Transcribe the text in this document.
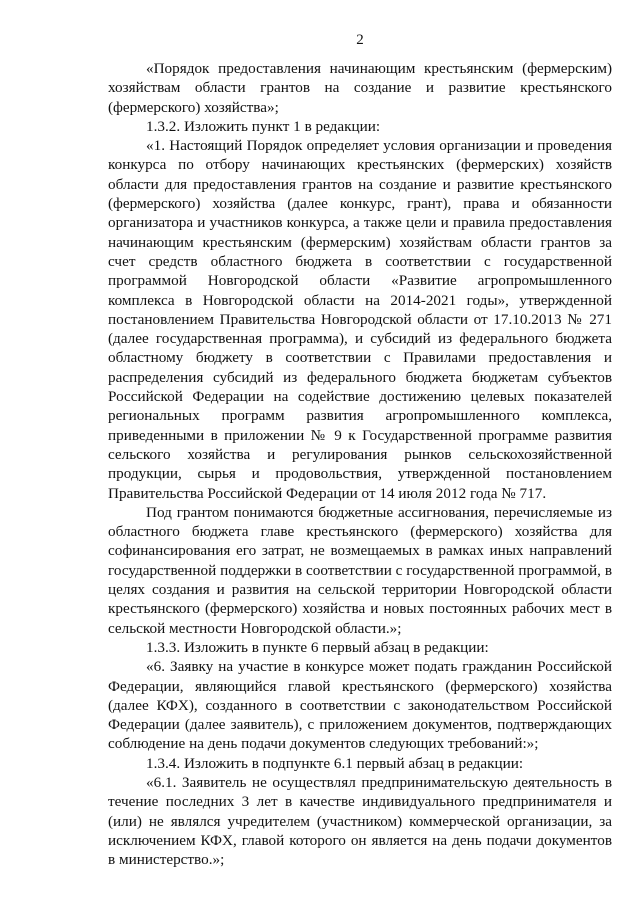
2

«Порядок предоставления начинающим крестьянским (фермерским) хозяйствам области грантов на создание и развитие крестьянского (фермерского) хозяйства»;

1.3.2. Изложить пункт 1 в редакции:

«1. Настоящий Порядок определяет условия организации и проведения конкурса по отбору начинающих крестьянских (фермерских) хозяйств области для предоставления грантов на создание и развитие крестьянского (фермерского) хозяйства (далее конкурс, грант), права и обязанности организатора и участников конкурса, а также цели и правила предоставления начинающим крестьянским (фермерским) хозяйствам области грантов за счет средств областного бюджета в соответствии с государственной программой Новгородской области «Развитие агропромышленного комплекса в Новгородской области на 2014-2021 годы», утвержденной постановлением Правительства Новгородской области от 17.10.2013 № 271 (далее государственная программа), и субсидий из федерального бюджета областному бюджету в соответствии с Правилами предоставления и распределения субсидий из федерального бюджета бюджетам субъектов Российской Федерации на содействие достижению целевых показателей региональных программ развития агропромышленного комплекса, приведенными в приложении № 9 к Государственной программе развития сельского хозяйства и регулирования рынков сельскохозяйственной продукции, сырья и продовольствия, утвержденной постановлением Правительства Российской Федерации от 14 июля 2012 года № 717.

Под грантом понимаются бюджетные ассигнования, перечисляемые из областного бюджета главе крестьянского (фермерского) хозяйства для софинансирования его затрат, не возмещаемых в рамках иных направлений государственной поддержки в соответствии с государственной программой, в целях создания и развития на сельской территории Новгородской области крестьянского (фермерского) хозяйства и новых постоянных рабочих мест в сельской местности Новгородской области.»;

1.3.3. Изложить в пункте 6 первый абзац в редакции:

«6. Заявку на участие в конкурсе может подать гражданин Российской Федерации, являющийся главой крестьянского (фермерского) хозяйства (далее КФХ), созданного в соответствии с законодательством Российской Федерации (далее заявитель), с приложением документов, подтверждающих соблюдение на день подачи документов следующих требований:»;

1.3.4. Изложить в подпункте 6.1 первый абзац в редакции:

«6.1. Заявитель не осуществлял предпринимательскую деятельность в течение последних 3 лет в качестве индивидуального предпринимателя и (или) не являлся учредителем (участником) коммерческой организации, за исключением КФХ, главой которого он является на день подачи документов в министерство.»;
